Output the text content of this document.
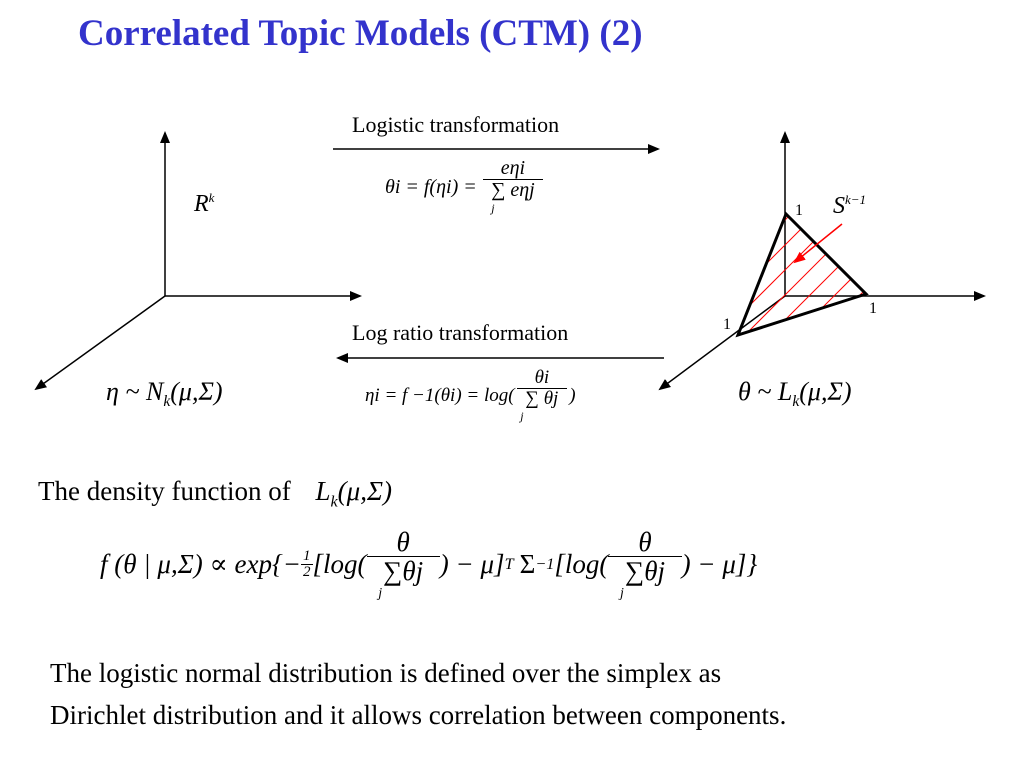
Correlated Topic Models (CTM) (2)
Logistic transformation
Log ratio transformation
$R^k$	$S^{k-1}$
1
1
1
η ~ $N_k(\mu,\Sigma)$	θ ~ $L_k(\mu,\Sigma)$
θi = f(ηi) =
eηi
∑ eηj
j
ηi = f −1(θi) = log(
θi
∑ θj
j
)
The density function of $L_k(\mu,\Sigma)$
f (θ | $\mu,\Sigma) \propto \exp\{- \frac{1}{2} [\log$(
θ
∑θj
j
) − μ] T Σ −1 [log(
θ
∑θj
j
) − μ]}
The logistic normal distribution is defined over the simplex as
Dirichlet distribution and it allows correlation between components.
